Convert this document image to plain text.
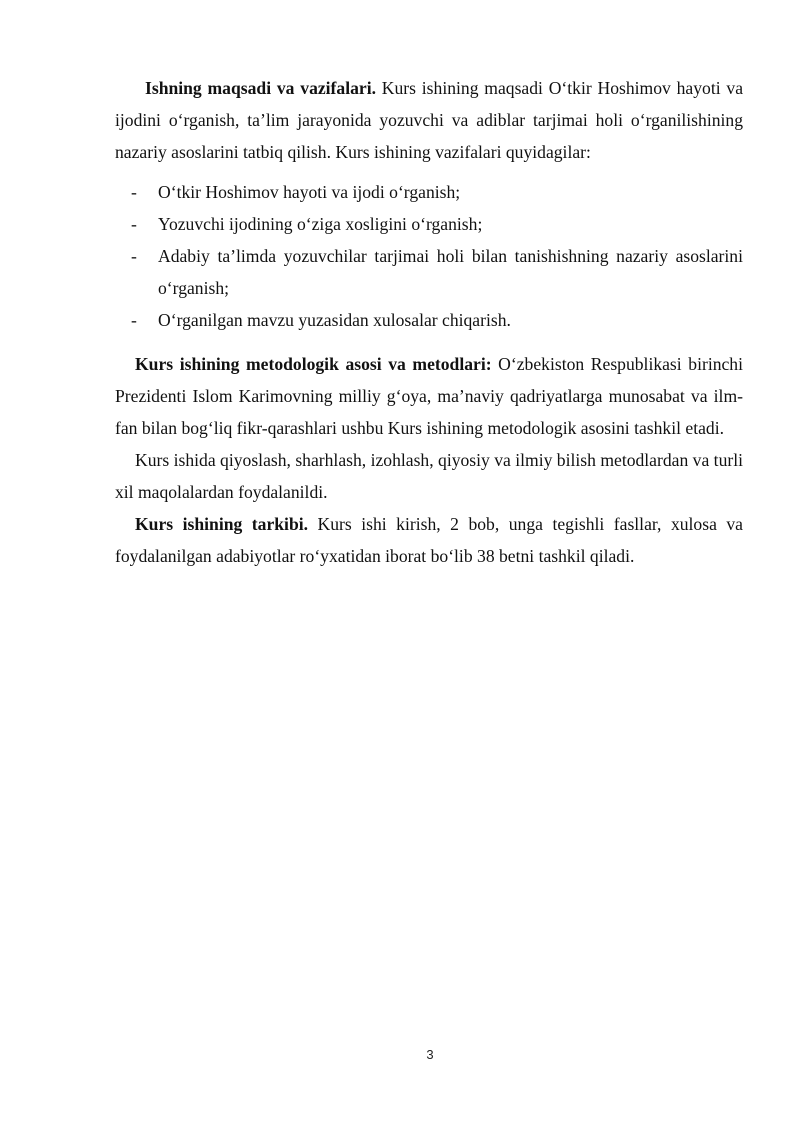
Ishning maqsadi va vazifalari. Kurs ishining maqsadi O‘tkir Hoshimov hayoti va ijodini o‘rganish, ta’lim jarayonida yozuvchi va adiblar tarjimai holi o‘rganilishining nazariy asoslarini tatbiq qilish. Kurs ishining vazifalari quyidagilar:

- O‘tkir Hoshimov hayoti va ijodi o‘rganish;
- Yozuvchi ijodining o‘ziga xosligini o‘rganish;
- Adabiy ta’limda yozuvchilar tarjimai holi bilan tanishishning nazariy asoslarini o‘rganish;
- O‘rganilgan mavzu yuzasidan xulosalar chiqarish.

Kurs ishining metodologik asosi va metodlari: O‘zbekiston Respublikasi birinchi Prezidenti Islom Karimovning milliy g‘oya, ma’naviy qadriyatlarga munosabat va ilm-fan bilan bog‘liq fikr-qarashlari ushbu Kurs ishining metodologik asosini tashkil etadi.

Kurs ishida qiyoslash, sharhlash, izohlash, qiyosiy va ilmiy bilish metodlardan va turli xil maqolalardan foydalanildi.

Kurs ishining tarkibi. Kurs ishi kirish, 2 bob, unga tegishli fasllar, xulosa va foydalanilgan adabiyotlar ro‘yxatidan iborat bo‘lib 38 betni tashkil qiladi.

3
